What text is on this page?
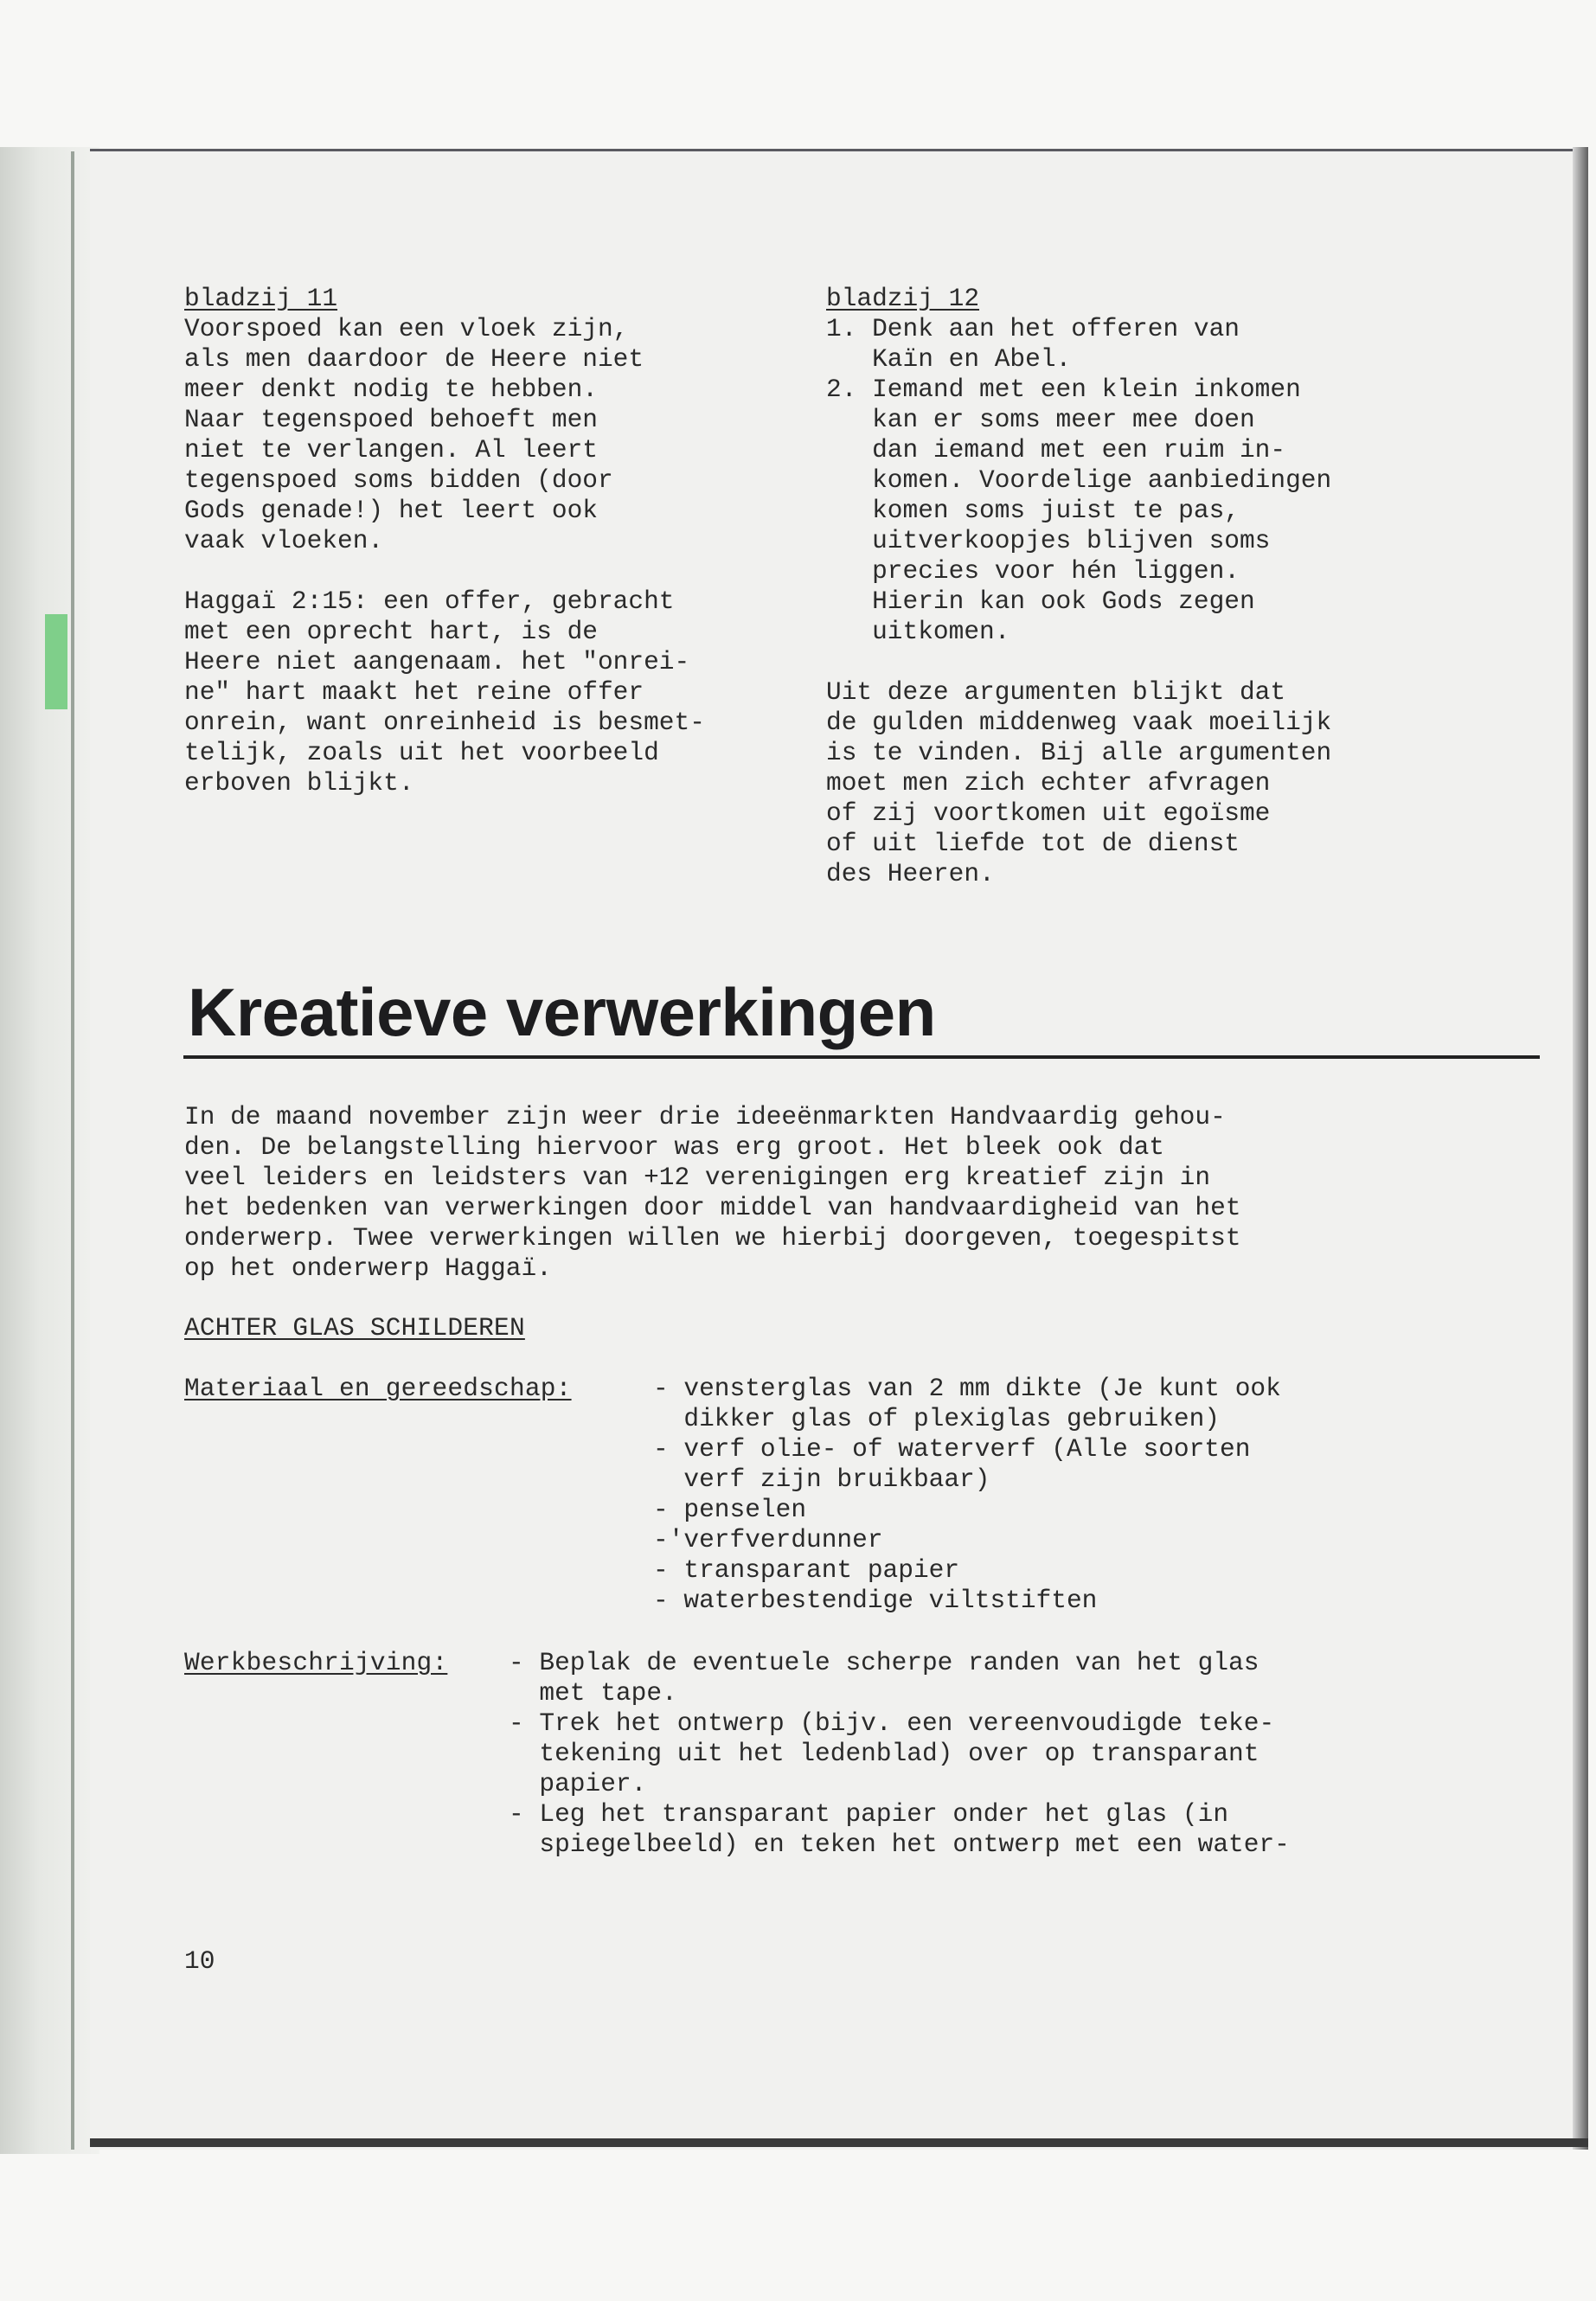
bladzij 11
Voorspoed kan een vloek zijn,
als men daardoor de Heere niet
meer denkt nodig te hebben.
Naar tegenspoed behoeft men
niet te verlangen. Al leert
tegenspoed soms bidden (door
Gods genade!) het leert ook
vaak vloeken.

Haggaï 2:15: een offer, gebracht
met een oprecht hart, is de
Heere niet aangenaam. het "onrei-
ne" hart maakt het reine offer
onrein, want onreinheid is besmet-
telijk, zoals uit het voorbeeld
erboven blijkt.
bladzij 12
1. Denk aan het offeren van
Kaïn en Abel.
2. Iemand met een klein inkomen
kan er soms meer mee doen
dan iemand met een ruim in-
komen. Voordelige aanbiedingen
komen soms juist te pas,
uitverkoopjes blijven soms
precies voor hén liggen.
Hierin kan ook Gods zegen
uitkomen.

Uit deze argumenten blijkt dat
de gulden middenweg vaak moeilijk
is te vinden. Bij alle argumenten
moet men zich echter afvragen
of zij voortkomen uit egoïsme
of uit liefde tot de dienst
des Heeren.
Kreatieve verwerkingen
In de maand november zijn weer drie ideeënmarkten Handvaardig gehou-
den. De belangstelling hiervoor was erg groot. Het bleek ook dat
veel leiders en leidsters van +12 verenigingen erg kreatief zijn in
het bedenken van verwerkingen door middel van handvaardigheid van het
onderwerp. Twee verwerkingen willen we hierbij doorgeven, toegespitst
op het onderwerp Haggaï.
ACHTER GLAS SCHILDEREN
Materiaal en gereedschap:	- vensterglas van 2 mm dikte (Je kunt ook
dikker glas of plexiglas gebruiken)
- verf olie- of waterverf (Alle soorten
verf zijn bruikbaar)
- penselen
-'verfverdunner
- transparant papier
- waterbestendige viltstiften
Werkbeschrijving: - Beplak de eventuele scherpe randen van het glas
met tape.
- Trek het ontwerp (bijv. een vereenvoudigde teke-
tekening uit het ledenblad) over op transparant
papier.
- Leg het transparant papier onder het glas (in
spiegelbeeld) en teken het ontwerp met een water-
10
